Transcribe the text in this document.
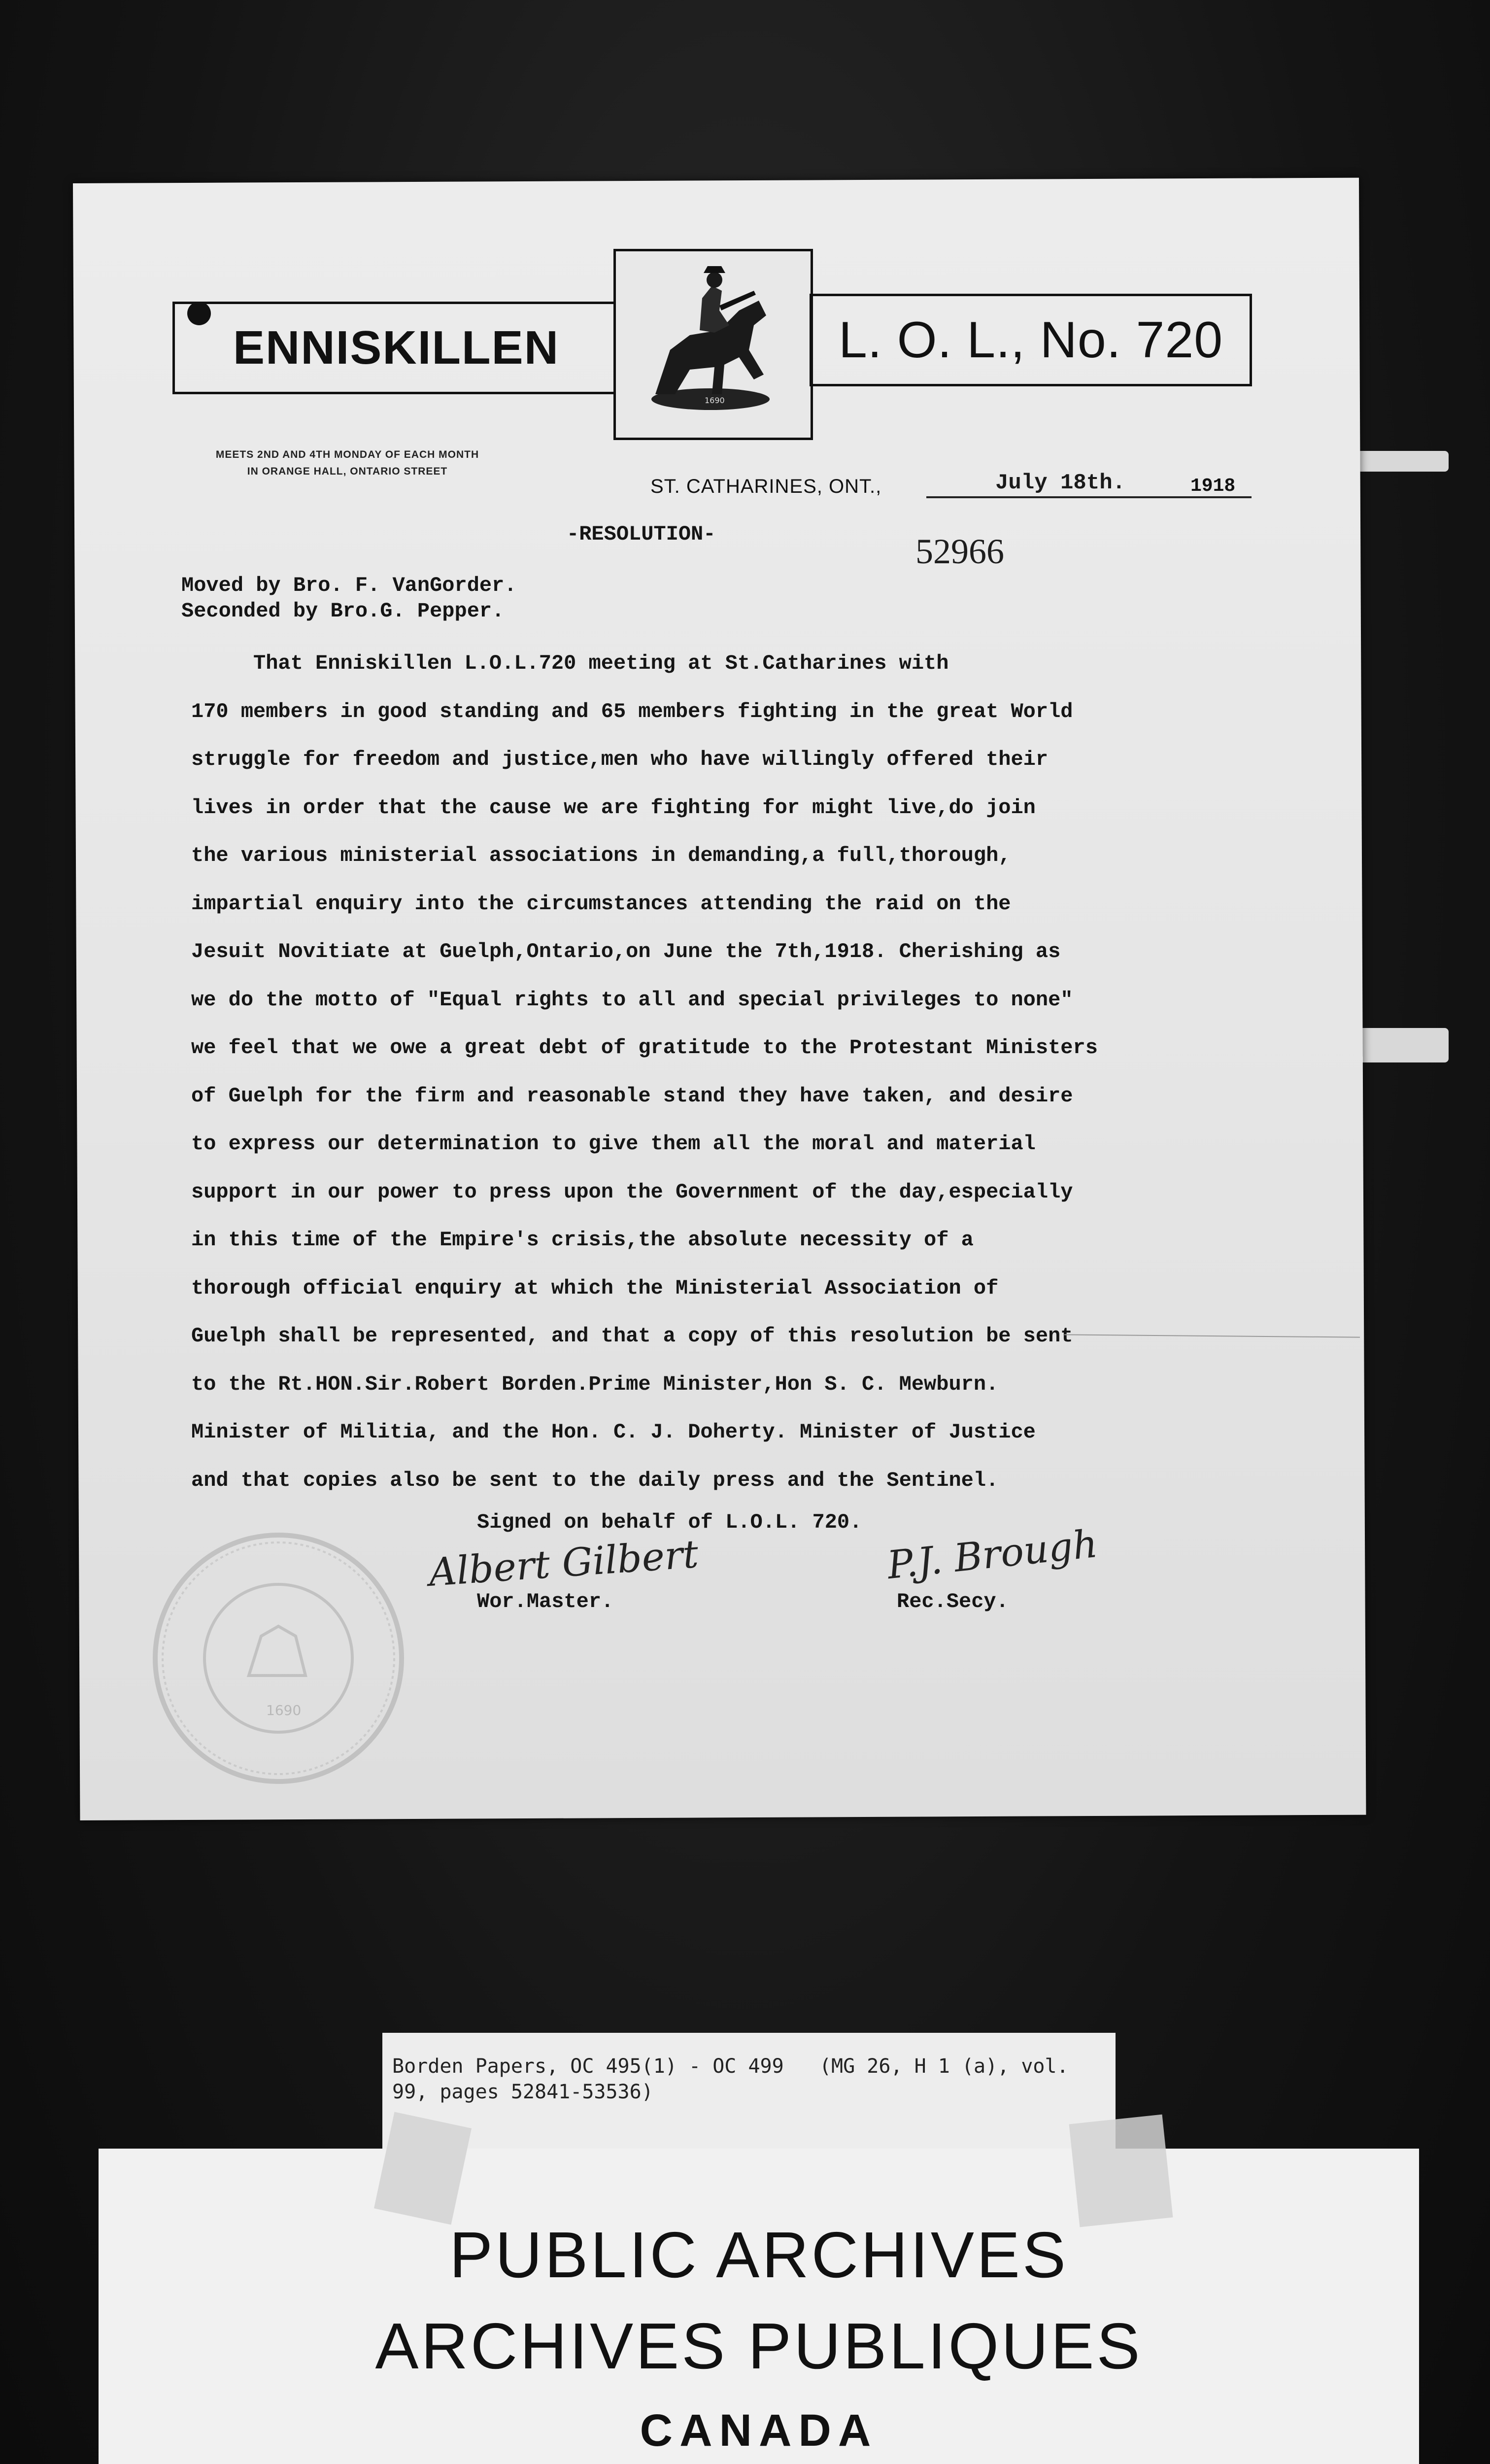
ENNISKILLEN
1690
L. O. L., No. 720
MEETS 2ND AND 4TH MONDAY OF EACH MONTH
IN ORANGE HALL, ONTARIO STREET
ST. CATHARINES, ONT.,	July 18th.	1918
-RESOLUTION-	52966
Moved by Bro. F. VanGorder.
Seconded by Bro.G. Pepper.
That Enniskillen L.O.L.720 meeting at St.Catharines with
170 members in good standing and 65 members fighting in the great World
struggle for freedom and justice,men who have willingly offered their
lives in order that the cause we are fighting for might live,do join
the various ministerial associations in demanding,a full,thorough,
impartial enquiry into the circumstances attending the raid on the
Jesuit Novitiate at Guelph,Ontario,on June the 7th,1918. Cherishing as
we do the motto of "Equal rights to all and special privileges to none"
we feel that we owe a great debt of gratitude to the Protestant Ministers
of Guelph for the firm and reasonable stand they have taken, and desire
to express our determination to give them all the moral and material
support in our power to press upon the Government of the day,especially
in this time of the Empire's crisis,the absolute necessity of a
thorough official enquiry at which the Ministerial Association of
Guelph shall be represented, and that a copy of this resolution be sent
to the Rt.HON.Sir.Robert Borden.Prime Minister,Hon S. C. Mewburn.
Minister of Militia, and the Hon. C. J. Doherty. Minister of Justice
and that copies also be sent to the daily press and the Sentinel.
1690
Signed on behalf of L.O.L. 720.
Albert Gilbert	P.J. Brough
Wor.Master.	Rec.Secy.
Borden Papers, OC 495(1) - OC 499   (MG 26, H 1 (a), vol.
99, pages 52841-53536)
PUBLIC ARCHIVES
ARCHIVES PUBLIQUES
CANADA
